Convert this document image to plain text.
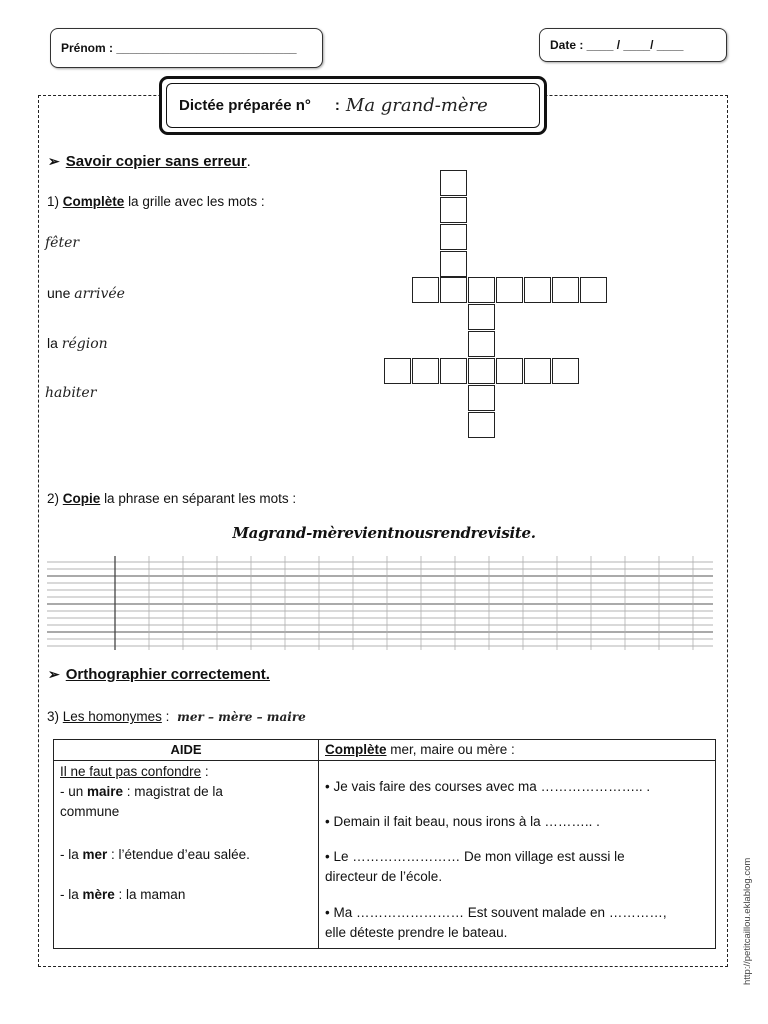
Prénom : ___________________________	Date : ____ / ____/ ____
Dictée préparée n° : Ma grand-mère
➢ Savoir copier sans erreur .
1) Complète la grille avec les mots :
fêter
une arrivée
la région
habiter
2) Copie la phrase en séparant les mots :
Magrand-mèrevientnousrendrevisite.
➢ Orthographier correctement.
3) Les homonymes : mer – mère – maire
AIDE
Il ne faut pas confondre :
- un maire : magistrat de la
commune
- la mer : l’étendue d’eau salée.
- la mère : la maman
Complète mer, maire ou mère :
• Je vais faire des courses avec ma ………………….. .
• Demain il fait beau, nous irons à la ……….. .
• Le …………………… De mon village est aussi le
directeur de l’école.
• Ma …………………… Est souvent malade en …………,
elle déteste prendre le bateau.	http://petitcaillou.eklablog.com
